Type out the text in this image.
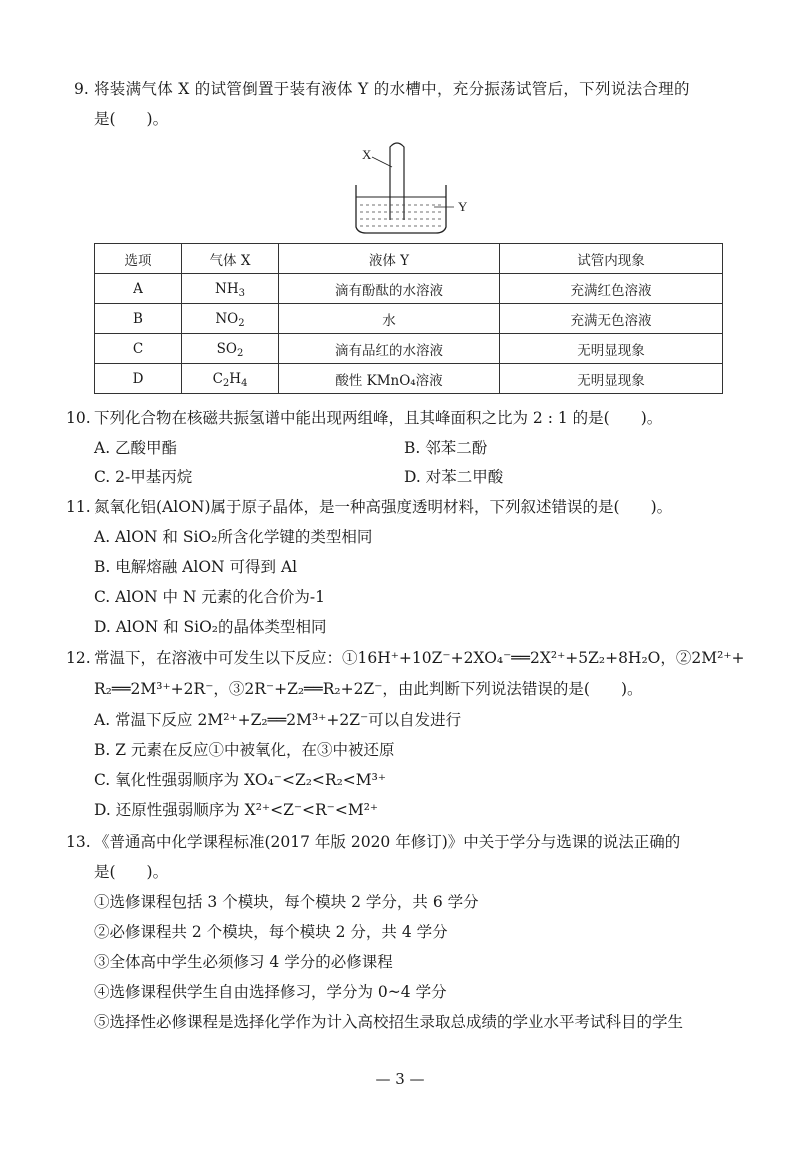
9. 将装满气体 X 的试管倒置于装有液体 Y 的水槽中，充分振荡试管后，下列说法合理的
是(　　)。
X
Y
选项	气体 X	液体 Y	试管内现象
A	$NH_3$	滴有酚酞的水溶液	充满红色溶液
B	$NO_2$	水	充满无色溶液
C	$SO_2$	滴有品红的水溶液	无明显现象
D	$C_2H_4$	酸性 KMnO₄溶液	无明显现象
10. 下列化合物在核磁共振氢谱中能出现两组峰，且其峰面积之比为 2 : 1 的是(　　)。
A. 乙酸甲酯	B. 邻苯二酚
C. 2-甲基丙烷	D. 对苯二甲酸
11. 氮氧化铝(AlON)属于原子晶体，是一种高强度透明材料，下列叙述错误的是(　　)。
A. AlON 和 SiO₂所含化学键的类型相同
B. 电解熔融 AlON 可得到 Al
C. AlON 中 N 元素的化合价为-1
D. AlON 和 SiO₂的晶体类型相同
12. 常温下，在溶液中可发生以下反应：①16H⁺+10Z⁻+2XO₄⁻══2X²⁺+5Z₂+8H₂O，②2M²⁺+
R₂══2M³⁺+2R⁻，③2R⁻+Z₂══R₂+2Z⁻，由此判断下列说法错误的是(　　)。
A. 常温下反应 2M²⁺+Z₂══2M³⁺+2Z⁻可以自发进行
B. Z 元素在反应①中被氧化，在③中被还原
C. 氧化性强弱顺序为 XO₄⁻<Z₂<R₂<M³⁺
D. 还原性强弱顺序为 X²⁺<Z⁻<R⁻<M²⁺
13. 《普通高中化学课程标准(2017 年版 2020 年修订)》中关于学分与选课的说法正确的
是(　　)。
①选修课程包括 3 个模块，每个模块 2 学分，共 6 学分
②必修课程共 2 个模块，每个模块 2 分，共 4 学分
③全体高中学生必须修习 4 学分的必修课程
④选修课程供学生自由选择修习，学分为 0~4 学分
⑤选择性必修课程是选择化学作为计入高校招生录取总成绩的学业水平考试科目的学生
— 3 —
